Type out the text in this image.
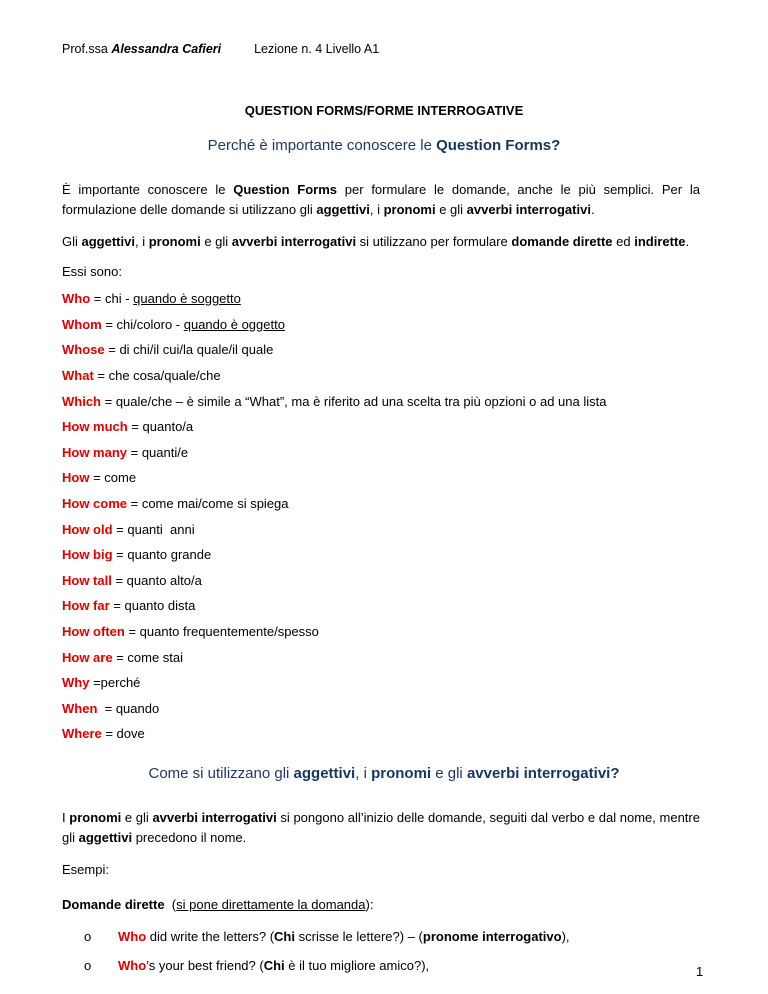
Prof.ssa Alessandra Cafieri	Lezione n. 4 Livello A1
QUESTION FORMS/FORME INTERROGATIVE
Perché è importante conoscere le Question Forms?
È importante conoscere le Question Forms per formulare le domande, anche le più semplici. Per la formulazione delle domande si utilizzano gli aggettivi, i pronomi e gli avverbi interrogativi.
Gli aggettivi, i pronomi e gli avverbi interrogativi si utilizzano per formulare domande dirette ed indirette.
Essi sono:
Who = chi - quando è soggetto
Whom = chi/coloro - quando è oggetto
Whose = di chi/il cui/la quale/il quale
What = che cosa/quale/che
Which = quale/che – è simile a “What”, ma è riferito ad una scelta tra più opzioni o ad una lista
How much = quanto/a
How many = quanti/e
How = come
How come = come mai/come si spiega
How old = quanti  anni
How big = quanto grande
How tall = quanto alto/a
How far = quanto dista
How often = quanto frequentemente/spesso
How are = come stai
Why =perché
When  = quando
Where = dove
Come si utilizzano gli aggettivi, i pronomi e gli avverbi interrogativi?
I pronomi e gli avverbi interrogativi si pongono all’inizio delle domande, seguiti dal verbo e dal nome, mentre gli aggettivi precedono il nome.
Esempi:
Domande dirette  (si pone direttamente la domanda):
o Who did write the letters? (Chi scrisse le lettere?) – (pronome interrogativo),
o Who’s your best friend? (Chi è il tuo migliore amico?),	1
